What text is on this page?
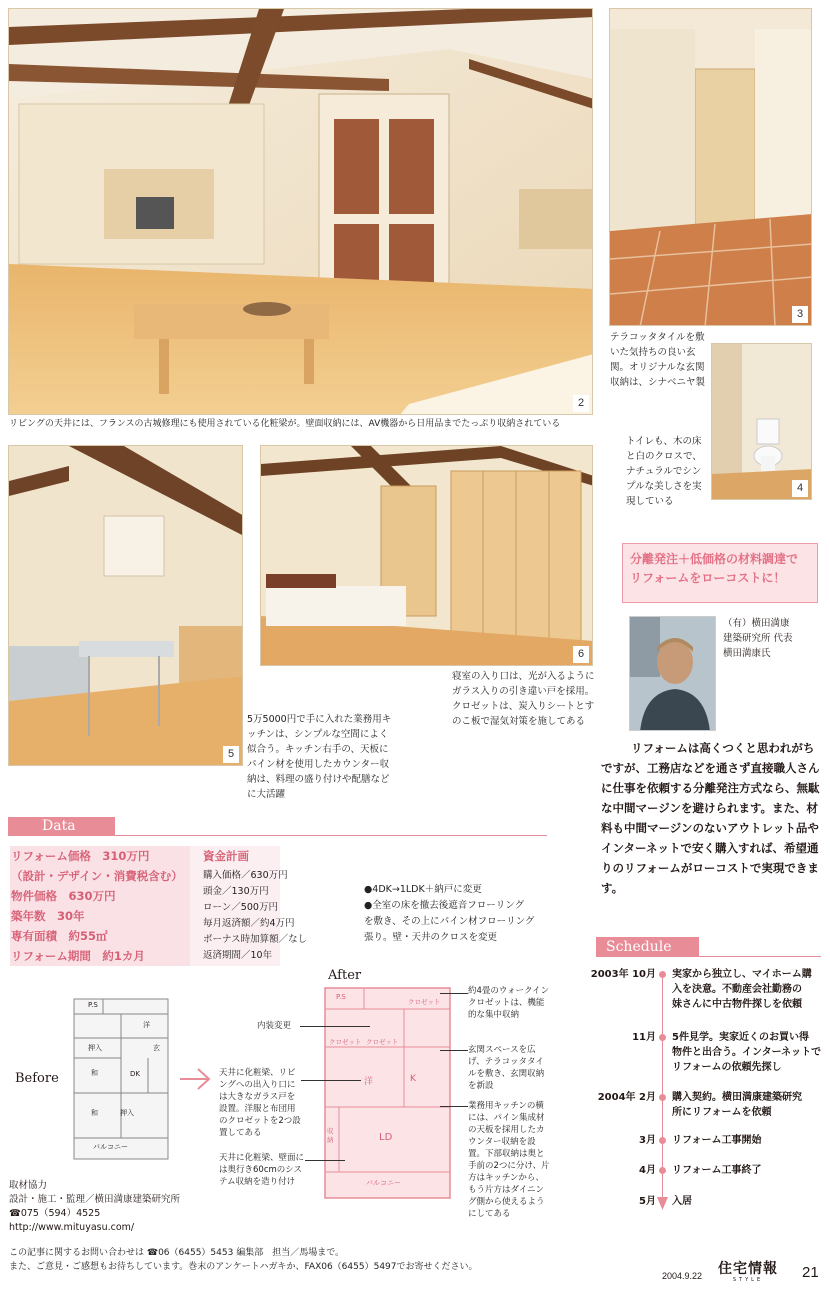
2
リビングの天井には、フランスの古城修理にも使用されている化粧梁が。壁面収納には、AV機器から日用品までたっぷり収納されている
3
テラコッタタイルを敷いた気持ちの良い玄関。オリジナルな玄関収納は、シナベニヤ製
4
トイレも、木の床と白のクロスで、ナチュラルでシンプルな美しさを実現している
5
5万5000円で手に入れた業務用キッチンは、シンプルな空間によく似合う。キッチン右手の、天板にパイン材を使用したカウンター収納は、料理の盛り付けや配膳などに大活躍
6
寝室の入り口は、光が入るようにガラス入りの引き違い戸を採用。クロゼットは、炭入りシートとすのこ板で湿気対策を施してある
分離発注＋低価格の材料調達で
リフォームをローコストに！
（有）横田満康
建築研究所 代表
横田満康氏
リフォームは高くつくと思われがちですが、工務店などを通さず直接職人さんに仕事を依頼する分離発注方式なら、無駄な中間マージンを避けられます。また、材料も中間マージンのないアウトレット品やインターネットで安く購入すれば、希望通りのリフォームがローコストで実現できます。
Data
リフォーム価格　310万円
（設計・デザイン・消費税含む）
物件価格　630万円
築年数　30年
専有面積　約55㎡
リフォーム期間　約1カ月
資金計画
購入価格／630万円
頭金／130万円
ローン／500万円
毎月返済額／約4万円
ボーナス時加算額／なし
返済期間／10年
●4DK→1LDK＋納戸に変更
●全室の床を撤去後遮音フローリング
を敷き、その上にパイン材フローリング
張り。壁・天井のクロスを変更
Before
P.S
洋
押入	玄
和	DK
和	押入
バルコニー
After
P.S
クロゼット
クロゼット クロゼット
洋	K
収納	LD
バルコニー
内装変更
天井に化粧梁、リビングへの出入り口には大きなガラス戸を設置。洋服と布団用のクロゼットを2つ設置してある
天井に化粧梁、壁面には奥行き60cmのシステム収納を造り付け
約4畳のウォークインクロゼットは、機能的な集中収納
玄関スペースを広げ、テラコッタタイルを敷き、玄関収納を新設
業務用キッチンの横には、パイン集成材の天板を採用したカウンター収納を設置。下部収納は奥と手前の2つに分け、片方はキッチンから、もう片方はダイニング側から使えるようにしてある
取材協力
設計・施工・監理／横田満康建築研究所
☎075（594）4525
http://www.mituyasu.com/
Schedule
2003年 10月 実家から独立し、マイホーム購
入を決意。不動産会社勤務の
妹さんに中古物件探しを依頼
11月 5件見学。実家近くのお買い得
物件と出合う。インターネットで
リフォームの依頼先探し
2004年 2月 購入契約。横田満康建築研究
所にリフォームを依頼
3月 リフォーム工事開始
4月 リフォーム工事終了
5月 入居
この記事に関するお問い合わせは ☎06（6455）5453 編集部　担当／馬場まで。
また、ご意見・ご感想もお待ちしています。巻末のアンケートハガキか、FAX06（6455）5497でお寄せください。
2004.9.22 住宅情報
STYLE	21
